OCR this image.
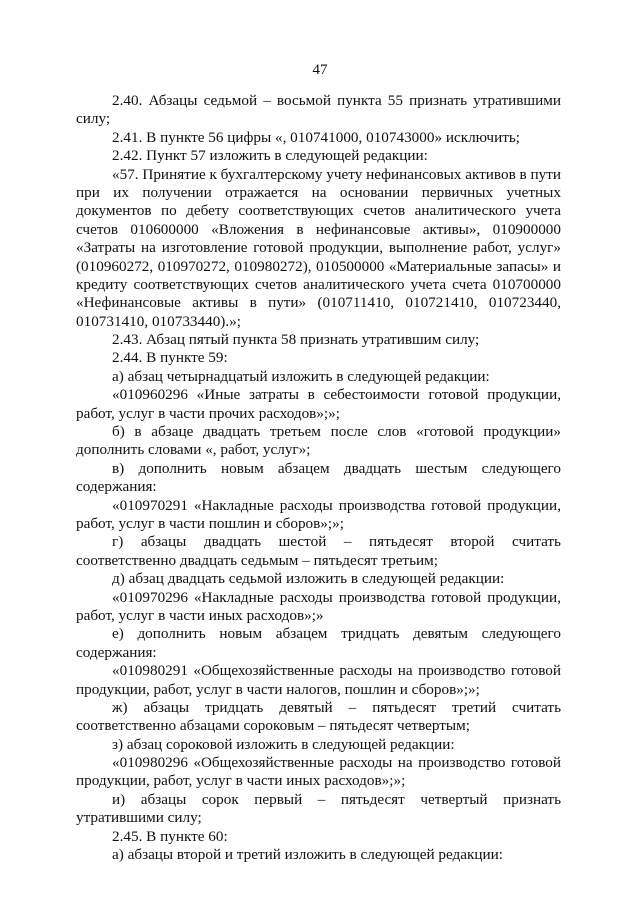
47
2.40. Абзацы седьмой – восьмой пункта 55 признать утратившими
силу;
2.41. В пункте 56 цифры «, 010741000, 010743000» исключить;
2.42. Пункт 57 изложить в следующей редакции:
«57. Принятие к бухгалтерскому учету нефинансовых активов в пути
при их получении отражается на основании первичных учетных
документов по дебету соответствующих счетов аналитического учета
счетов 010600000 «Вложения в нефинансовые активы», 010900000
«Затраты на изготовление готовой продукции, выполнение работ, услуг»
(010960272, 010970272, 010980272), 010500000 «Материальные запасы» и
кредиту соответствующих счетов аналитического учета счета 010700000
«Нефинансовые активы в пути» (010711410, 010721410, 010723440,
010731410, 010733440).»;
2.43. Абзац пятый пункта 58 признать утратившим силу;
2.44. В пункте 59:
а) абзац четырнадцатый изложить в следующей редакции:
«010960296 «Иные затраты в себестоимости готовой продукции,
работ, услуг в части прочих расходов»;»;
б) в абзаце двадцать третьем после слов «готовой продукции»
дополнить словами «, работ, услуг»;
в) дополнить новым абзацем двадцать шестым следующего
содержания:
«010970291 «Накладные расходы производства готовой продукции,
работ, услуг в части пошлин и сборов»;»;
г) абзацы двадцать шестой – пятьдесят второй считать
соответственно двадцать седьмым – пятьдесят третьим;
д) абзац двадцать седьмой изложить в следующей редакции:
«010970296 «Накладные расходы производства готовой продукции,
работ, услуг в части иных расходов»;»
е) дополнить новым абзацем тридцать девятым следующего
содержания:
«010980291 «Общехозяйственные расходы на производство готовой
продукции, работ, услуг в части налогов, пошлин и сборов»;»;
ж) абзацы тридцать девятый – пятьдесят третий считать
соответственно абзацами сороковым – пятьдесят четвертым;
з) абзац сороковой изложить в следующей редакции:
«010980296 «Общехозяйственные расходы на производство готовой
продукции, работ, услуг в части иных расходов»;»;
и) абзацы сорок первый – пятьдесят четвертый признать
утратившими силу;
2.45. В пункте 60:
а) абзацы второй и третий изложить в следующей редакции:
